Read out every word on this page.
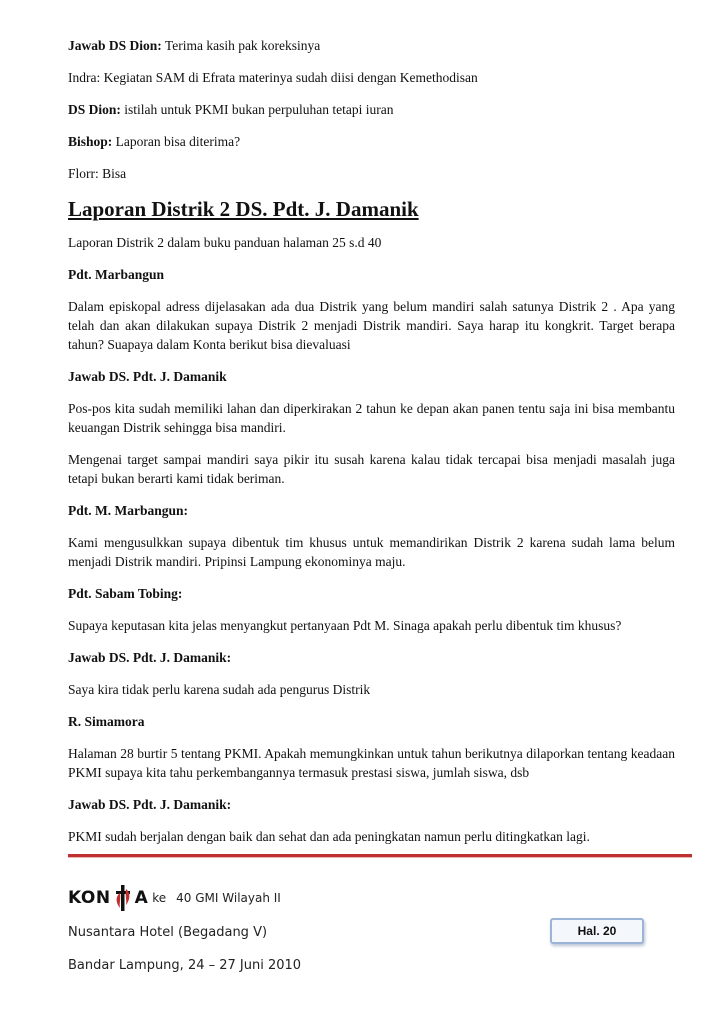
Jawab DS Dion: Terima kasih pak koreksinya

Indra: Kegiatan SAM di Efrata materinya sudah diisi dengan Kemethodisan

DS Dion: istilah untuk PKMI bukan perpuluhan tetapi iuran

Bishop: Laporan bisa diterima?

Florr: Bisa

Laporan Distrik 2 DS. Pdt. J. Damanik

Laporan Distrik 2 dalam buku panduan halaman 25 s.d 40

Pdt. Marbangun

Dalam episkopal adress dijelasakan ada dua Distrik yang belum mandiri salah satunya Distrik 2 . Apa yang telah dan akan dilakukan supaya Distrik 2 menjadi Distrik mandiri. Saya harap itu kongkrit. Target berapa tahun? Suapaya dalam Konta berikut bisa dievaluasi

Jawab DS. Pdt. J. Damanik

Pos-pos kita sudah memiliki lahan dan diperkirakan 2 tahun ke depan akan panen tentu saja ini bisa membantu keuangan Distrik sehingga bisa mandiri.

Mengenai target sampai mandiri saya pikir itu susah karena kalau tidak tercapai bisa menjadi masalah juga tetapi bukan berarti kami tidak beriman.

Pdt. M. Marbangun:

Kami mengusulkkan supaya dibentuk tim khusus untuk memandirikan Distrik 2 karena sudah lama belum menjadi Distrik mandiri. Pripinsi Lampung ekonominya maju.

Pdt. Sabam Tobing:

Supaya keputasan kita jelas menyangkut pertanyaan Pdt M. Sinaga apakah perlu dibentuk tim khusus?

Jawab DS. Pdt. J. Damanik:

Saya kira tidak perlu karena sudah ada pengurus Distrik

R. Simamora

Halaman 28 burtir 5 tentang PKMI. Apakah memungkinkan untuk tahun berikutnya dilaporkan tentang keadaan PKMI supaya kita tahu perkembangannya termasuk prestasi siswa, jumlah siswa, dsb

Jawab DS. Pdt. J. Damanik:

PKMI sudah berjalan dengan baik dan sehat dan ada peningkatan namun perlu ditingkatkan lagi.

KON A ke 40 GMI Wilayah II
Nusantara Hotel (Begadang V)
Bandar Lampung, 24 – 27 Juni 2010
Hal. 20
